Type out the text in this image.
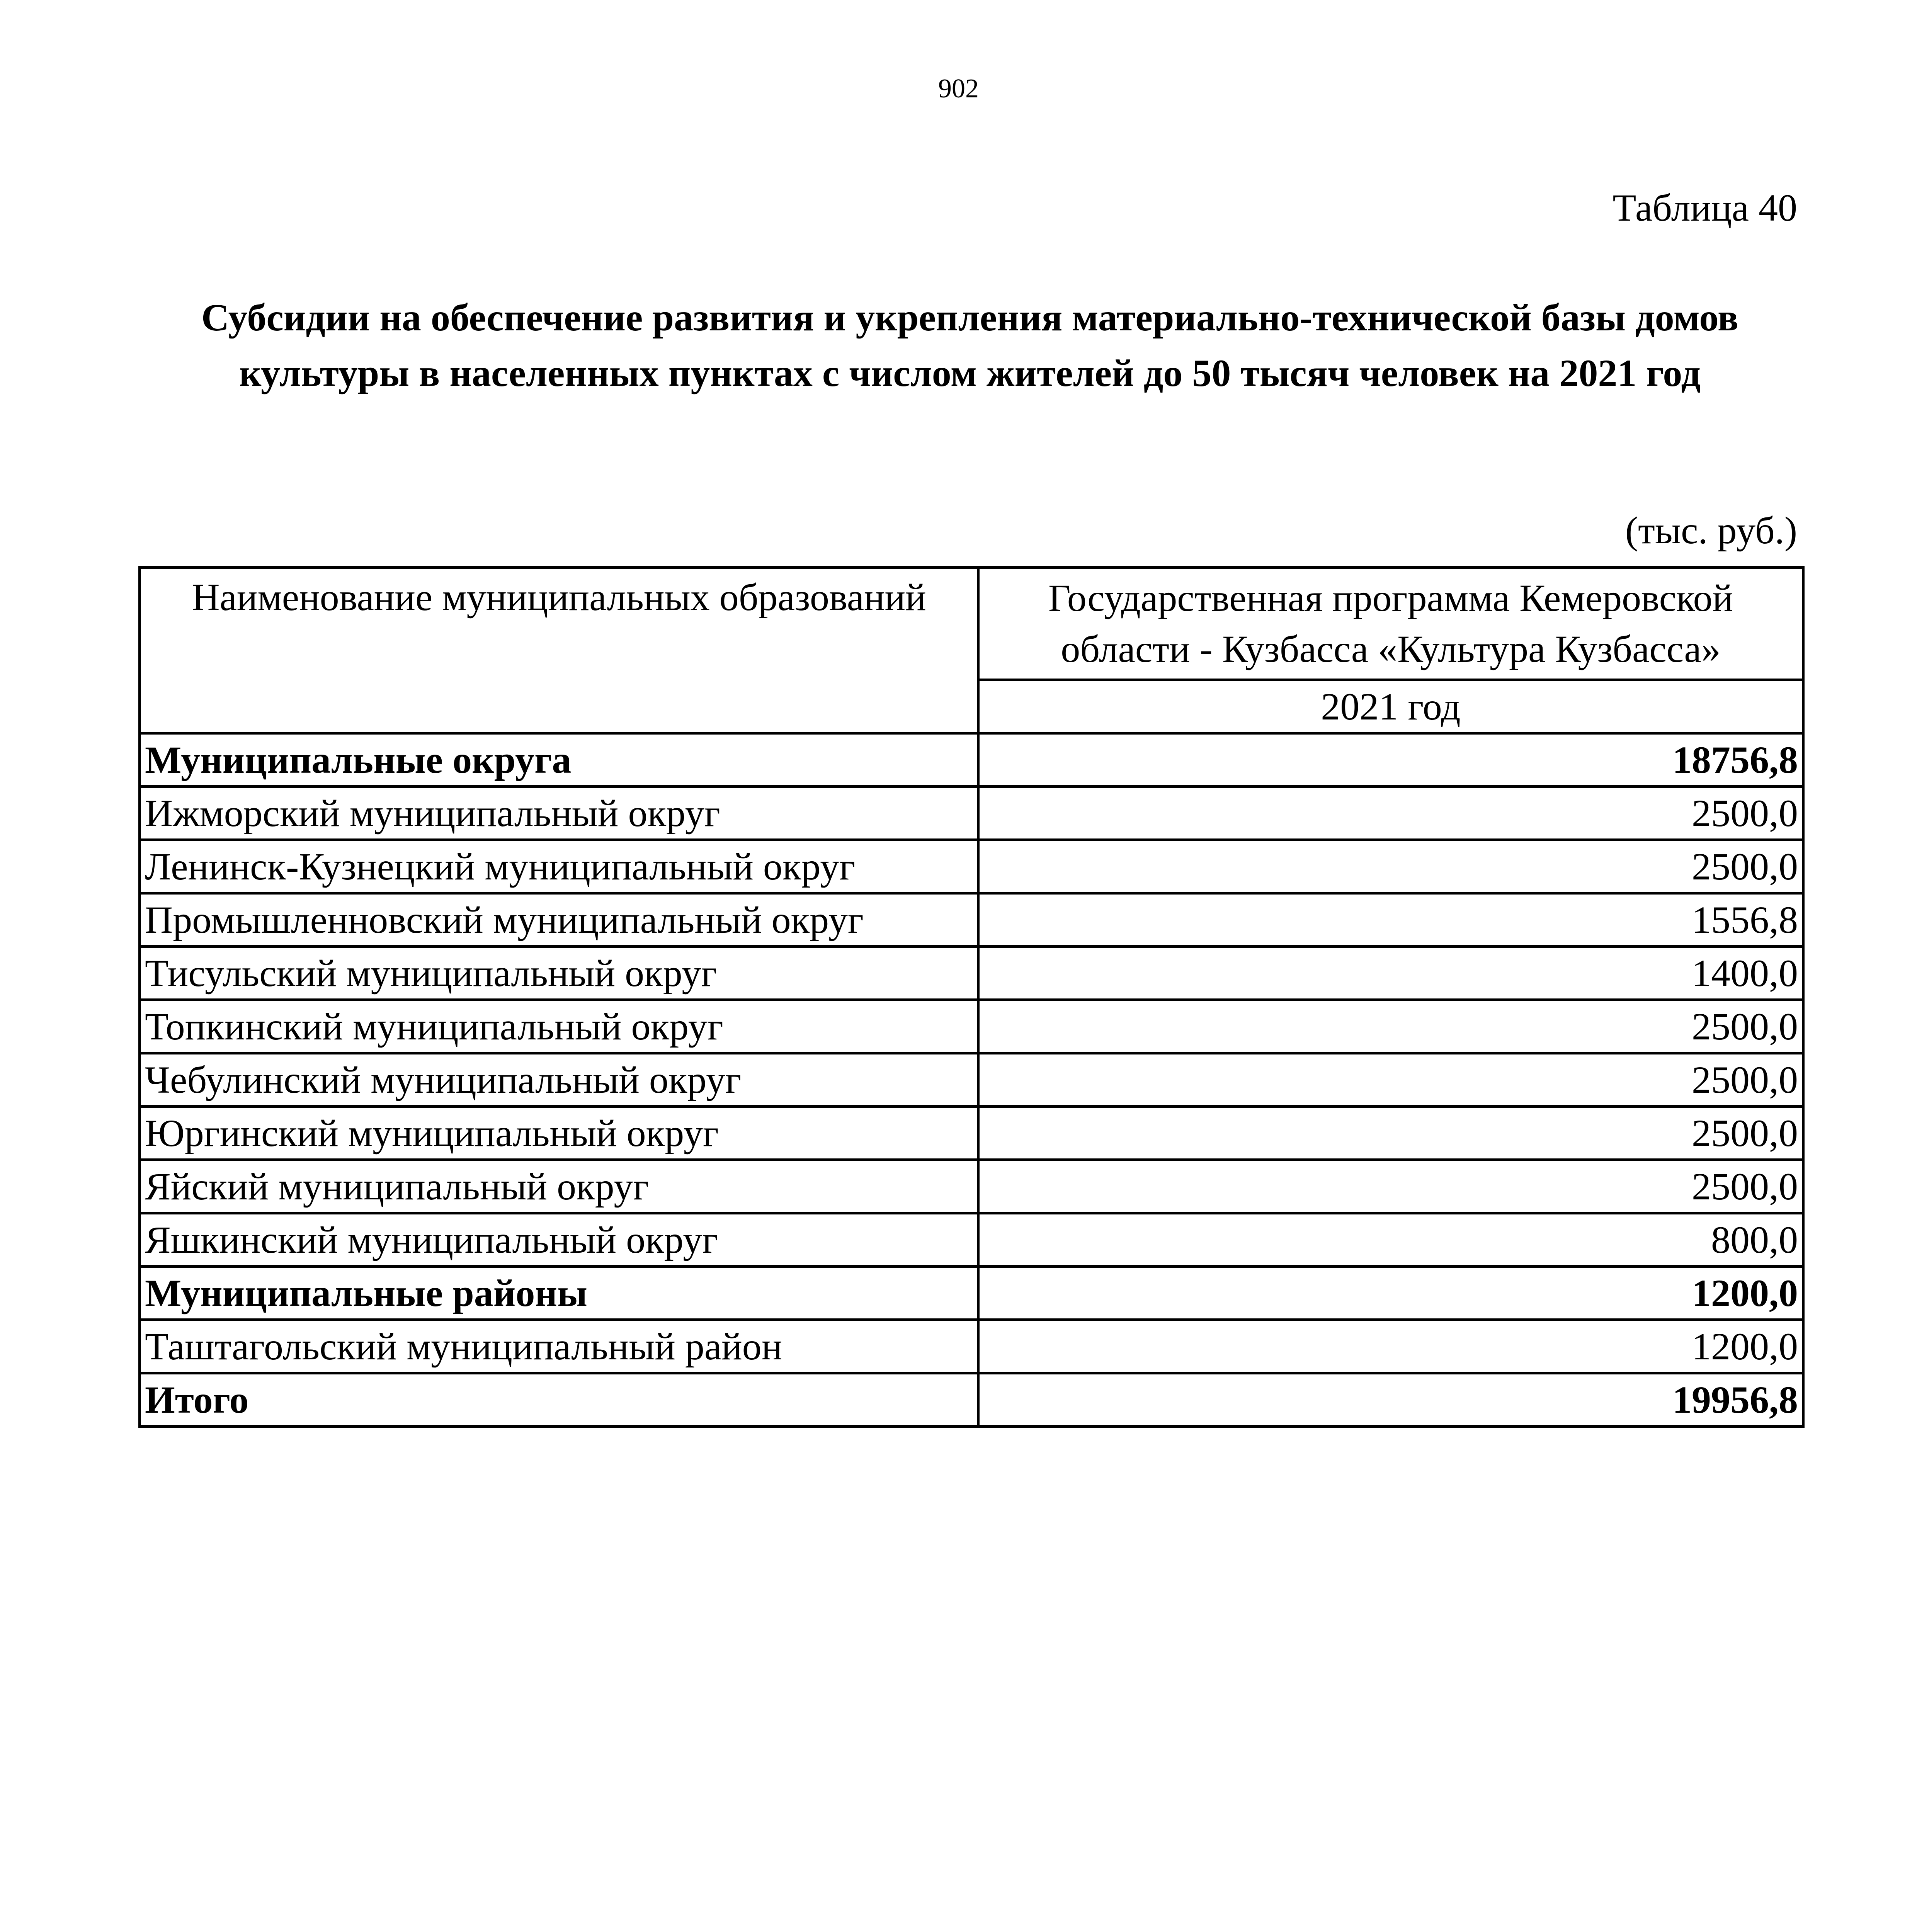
902
Таблица 40
Субсидии на обеспечение развития и укрепления материально-технической базы домов культуры в населенных пунктах с числом жителей до 50 тысяч человек на 2021 год
(тыс. руб.)
Наименование муниципальных образований	Государственная программа Кемеровской области - Кузбасса «Культура Кузбасса»
	2021 год
Муниципальные округа	18756,8
Ижморский муниципальный округ	2500,0
Ленинск-Кузнецкий муниципальный округ	2500,0
Промышленновский муниципальный округ	1556,8
Тисульский муниципальный округ	1400,0
Топкинский муниципальный округ	2500,0
Чебулинский муниципальный округ	2500,0
Юргинский муниципальный округ	2500,0
Яйский муниципальный округ	2500,0
Яшкинский муниципальный округ	800,0
Муниципальные районы	1200,0
Таштагольский муниципальный район	1200,0
Итого	19956,8
